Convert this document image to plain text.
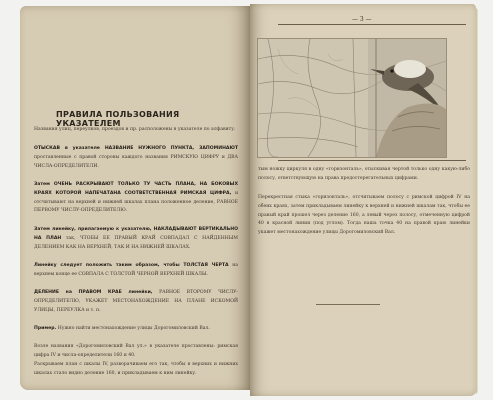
ПРАВИЛА ПОЛЬЗОВАНИЯ УКАЗАТЕЛЕМ
Названия улиц, переулков, проездов и пр. расположены в указателе по алфавиту.
ОТЫСКАВ в указателе НАЗВАНИЕ НУЖНОГО ПУНКТА, ЗАПОМИНАЮТ проставленные с правой стороны каждого названия РИМСКУЮ ЦИФРУ и ДВА ЧИСЛА-ОПРЕДЕЛИТЕЛИ.
Затем ОЧЕНЬ РАСКРЫВАЮТ ТОЛЬКО ТУ ЧАСТЬ ПЛАНА, НА БОКОВЫХ КРАЯХ КОТОРОЙ НАПЕЧАТАНА СООТВЕТСТВЕННАЯ РИМСКАЯ ЦИФРА, и отсчитывают на верхней и нижней шкалах плана положенное деление, РАВНОЕ ПЕРВОМУ ЧИСЛУ-ОПРЕДЕЛИТЕЛЮ.
Затем линейку, прилагаемую к указателю, НАКЛАДЫВАЮТ ВЕРТИКАЛЬНО НА ПЛАН так, ЧТОБЫ ЕЕ ПРАВЫЙ КРАЙ СОВПАДАЛ С НАЙДЕННЫМ ДЕЛЕНИЕМ КАК НА ВЕРХНЕЙ, ТАК И НА НИЖНЕЙ ШКАЛАХ.
Линейку следует положить таким образом, чтобы ТОЛСТАЯ ЧЕРТА на верхнем конце ее СОВПАЛА С ТОЛСТОЙ ЧЕРНОЙ ВЕРХНЕЙ ШКАЛЫ.
ДЕЛЕНИЕ на ПРАВОМ КРАЕ линейки, РАВНОЕ ВТОРОМУ ЧИСЛУ-ОПРЕДЕЛИТЕЛЮ, УКАЖЕТ МЕСТОНАХОЖДЕНИЕ НА ПЛАНЕ ИСКОМОЙ УЛИЦЫ, ПЕРЕУЛКА и т. п.
Пример. Нужно найти местонахождение улицы Дорогомиловский Вал.
Возле названия «Дорогомиловский Вал ул.» в указателе проставлены: римская цифра IV и числа-определители 160 и 40.
Раскрываем план с шкалы IV, разворачиваем его так, чтобы в верхних и нижних шкалах стало видно деление 160, и прикладываем к ним линейку.
— 3 —
тым ножку циркуля в одну «горизонталь», отыскивая чертой только одну какую-либо полосу, ответствующую на права предостерегательных цифрами.
Перекрестная стыка «горизонталь», отсчитываем полосу с римской цифрой IV на обеих краях, затем прикладываем линейку к верхней и нижней шкалам так, чтобы ее правый край прошел через деление 160, а левый через полосу, отмеченную цифрой 40 в красной линии (под углом). Тогда наша точка 40 на правой краю линейки укажет местонахождение улицы Дорогомиловский Вал.
